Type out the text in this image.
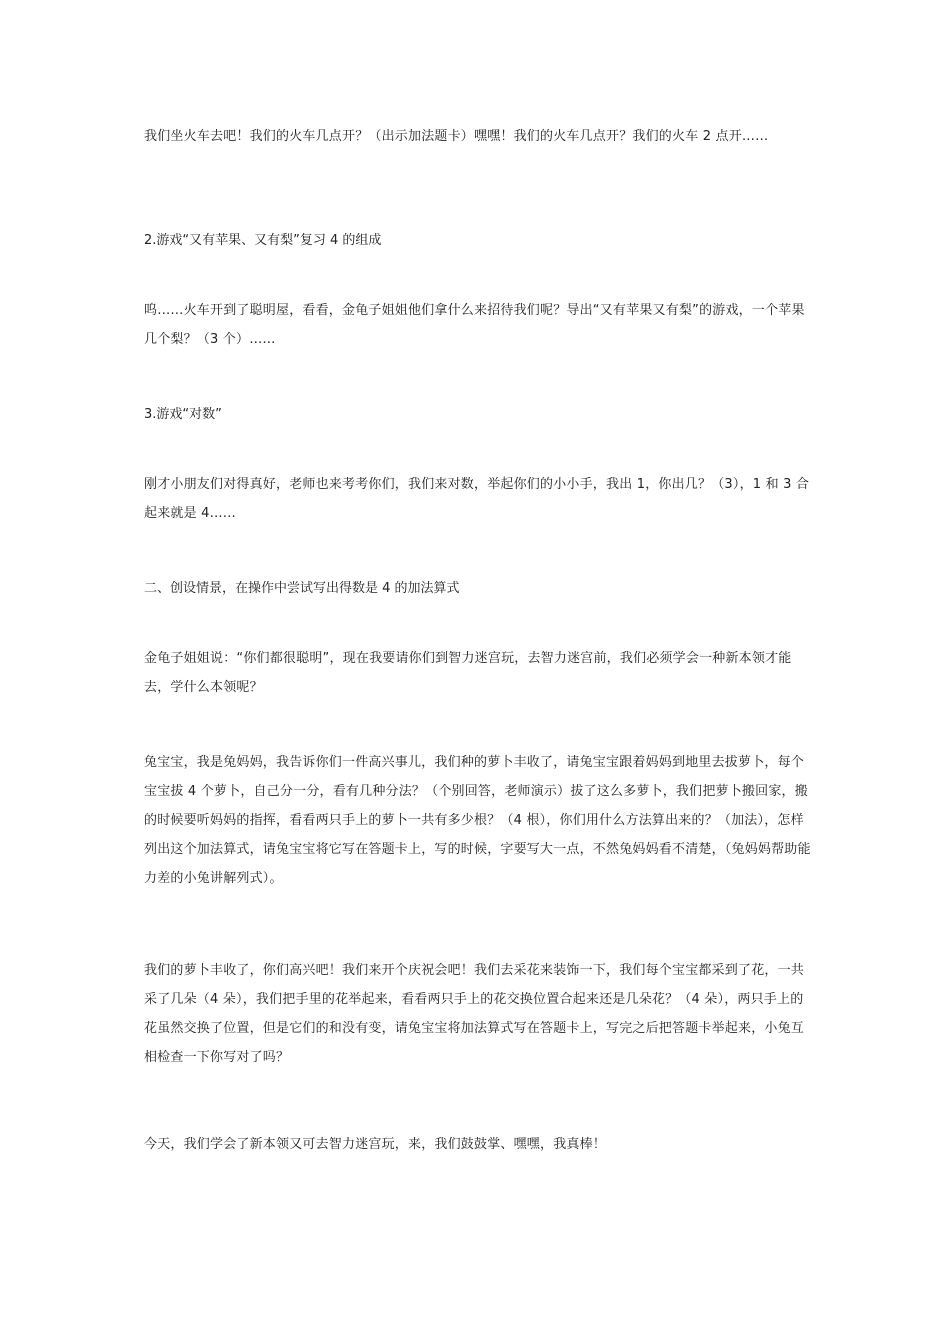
我们坐火车去吧！我们的火车几点开？（出示加法题卡）嘿嘿！我们的火车几点开？我们的火车 2 点开……

2.游戏“又有苹果、又有梨”复习 4 的组成

呜……火车开到了聪明屋，看看，金龟子姐姐他们拿什么来招待我们呢？导出“又有苹果又有梨”的游戏，一个苹果几个梨？（3 个）……

3.游戏“对数”

刚才小朋友们对得真好，老师也来考考你们，我们来对数，举起你们的小小手，我出 1，你出几？（3），1 和 3 合起来就是 4……

二、创设情景，在操作中尝试写出得数是 4 的加法算式

金龟子姐姐说：“你们都很聪明”，现在我要请你们到智力迷宫玩，去智力迷宫前，我们必须学会一种新本领才能去，学什么本领呢？

兔宝宝，我是兔妈妈，我告诉你们一件高兴事儿，我们种的萝卜丰收了，请兔宝宝跟着妈妈到地里去拔萝卜，每个宝宝拔 4 个萝卜，自己分一分，看有几种分法？（个别回答，老师演示）拔了这么多萝卜，我们把萝卜搬回家，搬的时候要听妈妈的指挥，看看两只手上的萝卜一共有多少根？（4 根），你们用什么方法算出来的？（加法），怎样列出这个加法算式，请兔宝宝将它写在答题卡上，写的时候，字要写大一点，不然兔妈妈看不清楚，（兔妈妈帮助能力差的小兔讲解列式）。

我们的萝卜丰收了，你们高兴吧！我们来开个庆祝会吧！我们去采花来装饰一下，我们每个宝宝都采到了花，一共采了几朵（4 朵），我们把手里的花举起来，看看两只手上的花交换位置合起来还是几朵花？（4 朵），两只手上的花虽然交换了位置，但是它们的和没有变，请兔宝宝将加法算式写在答题卡上，写完之后把答题卡举起来，小兔互相检查一下你写对了吗？

今天，我们学会了新本领又可去智力迷宫玩，来，我们鼓鼓掌、嘿嘿，我真棒！
